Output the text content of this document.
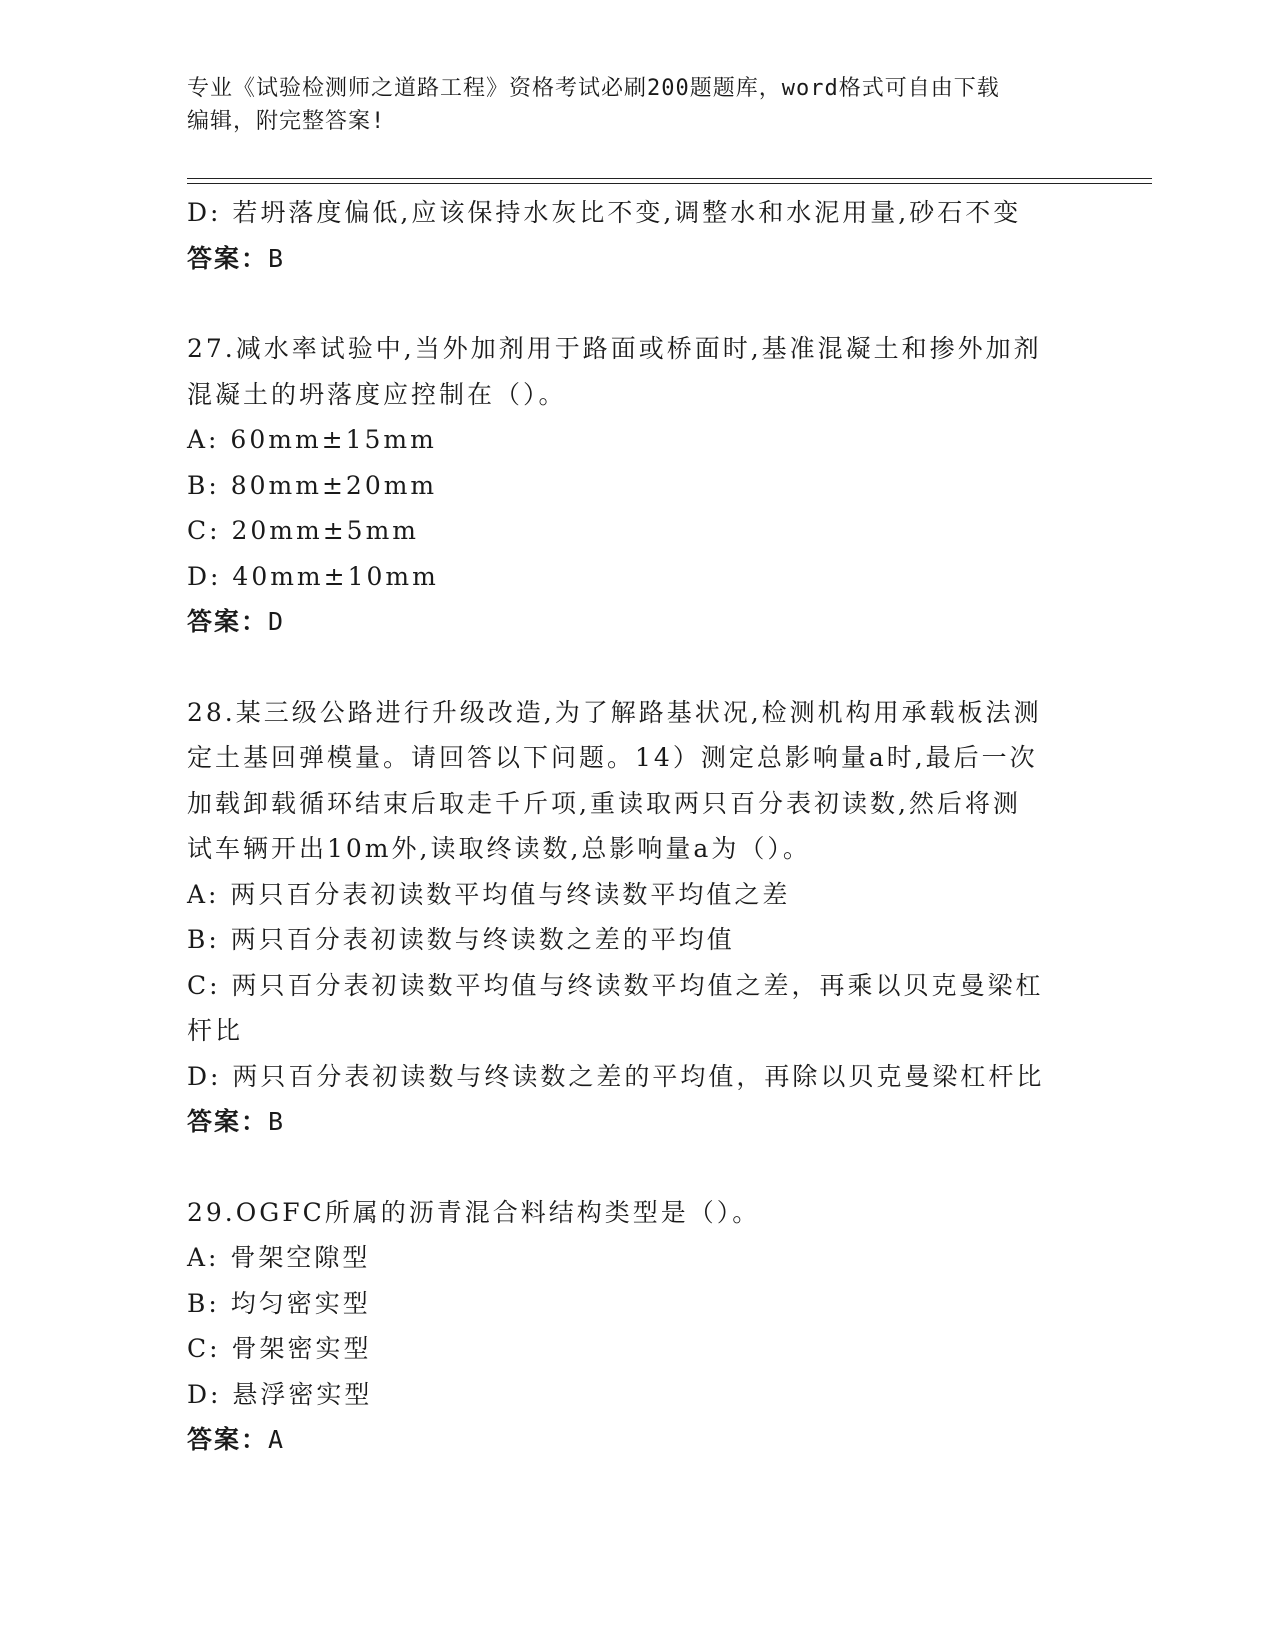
专业《试验检测师之道路工程》资格考试必刷200题题库，word格式可自由下载
编辑，附完整答案!
D: 若坍落度偏低,应该保持水灰比不变,调整水和水泥用量,砂石不变
答案：B
27.减水率试验中,当外加剂用于路面或桥面时,基准混凝土和掺外加剂
混凝土的坍落度应控制在（）。
A: 60mm±15mm
B: 80mm±20mm
C: 20mm±5mm
D: 40mm±10mm
答案：D
28.某三级公路进行升级改造,为了解路基状况,检测机构用承载板法测
定土基回弹模量。请回答以下问题。14）测定总影响量a时,最后一次
加载卸载循环结束后取走千斤项,重读取两只百分表初读数,然后将测
试车辆开出10m外,读取终读数,总影响量a为（）。
A: 两只百分表初读数平均值与终读数平均值之差
B: 两只百分表初读数与终读数之差的平均值
C: 两只百分表初读数平均值与终读数平均值之差，再乘以贝克曼梁杠
杆比
D: 两只百分表初读数与终读数之差的平均值，再除以贝克曼梁杠杆比
答案：B
29.OGFC所属的沥青混合料结构类型是（）。
A: 骨架空隙型
B: 均匀密实型
C: 骨架密实型
D: 悬浮密实型
答案：A
